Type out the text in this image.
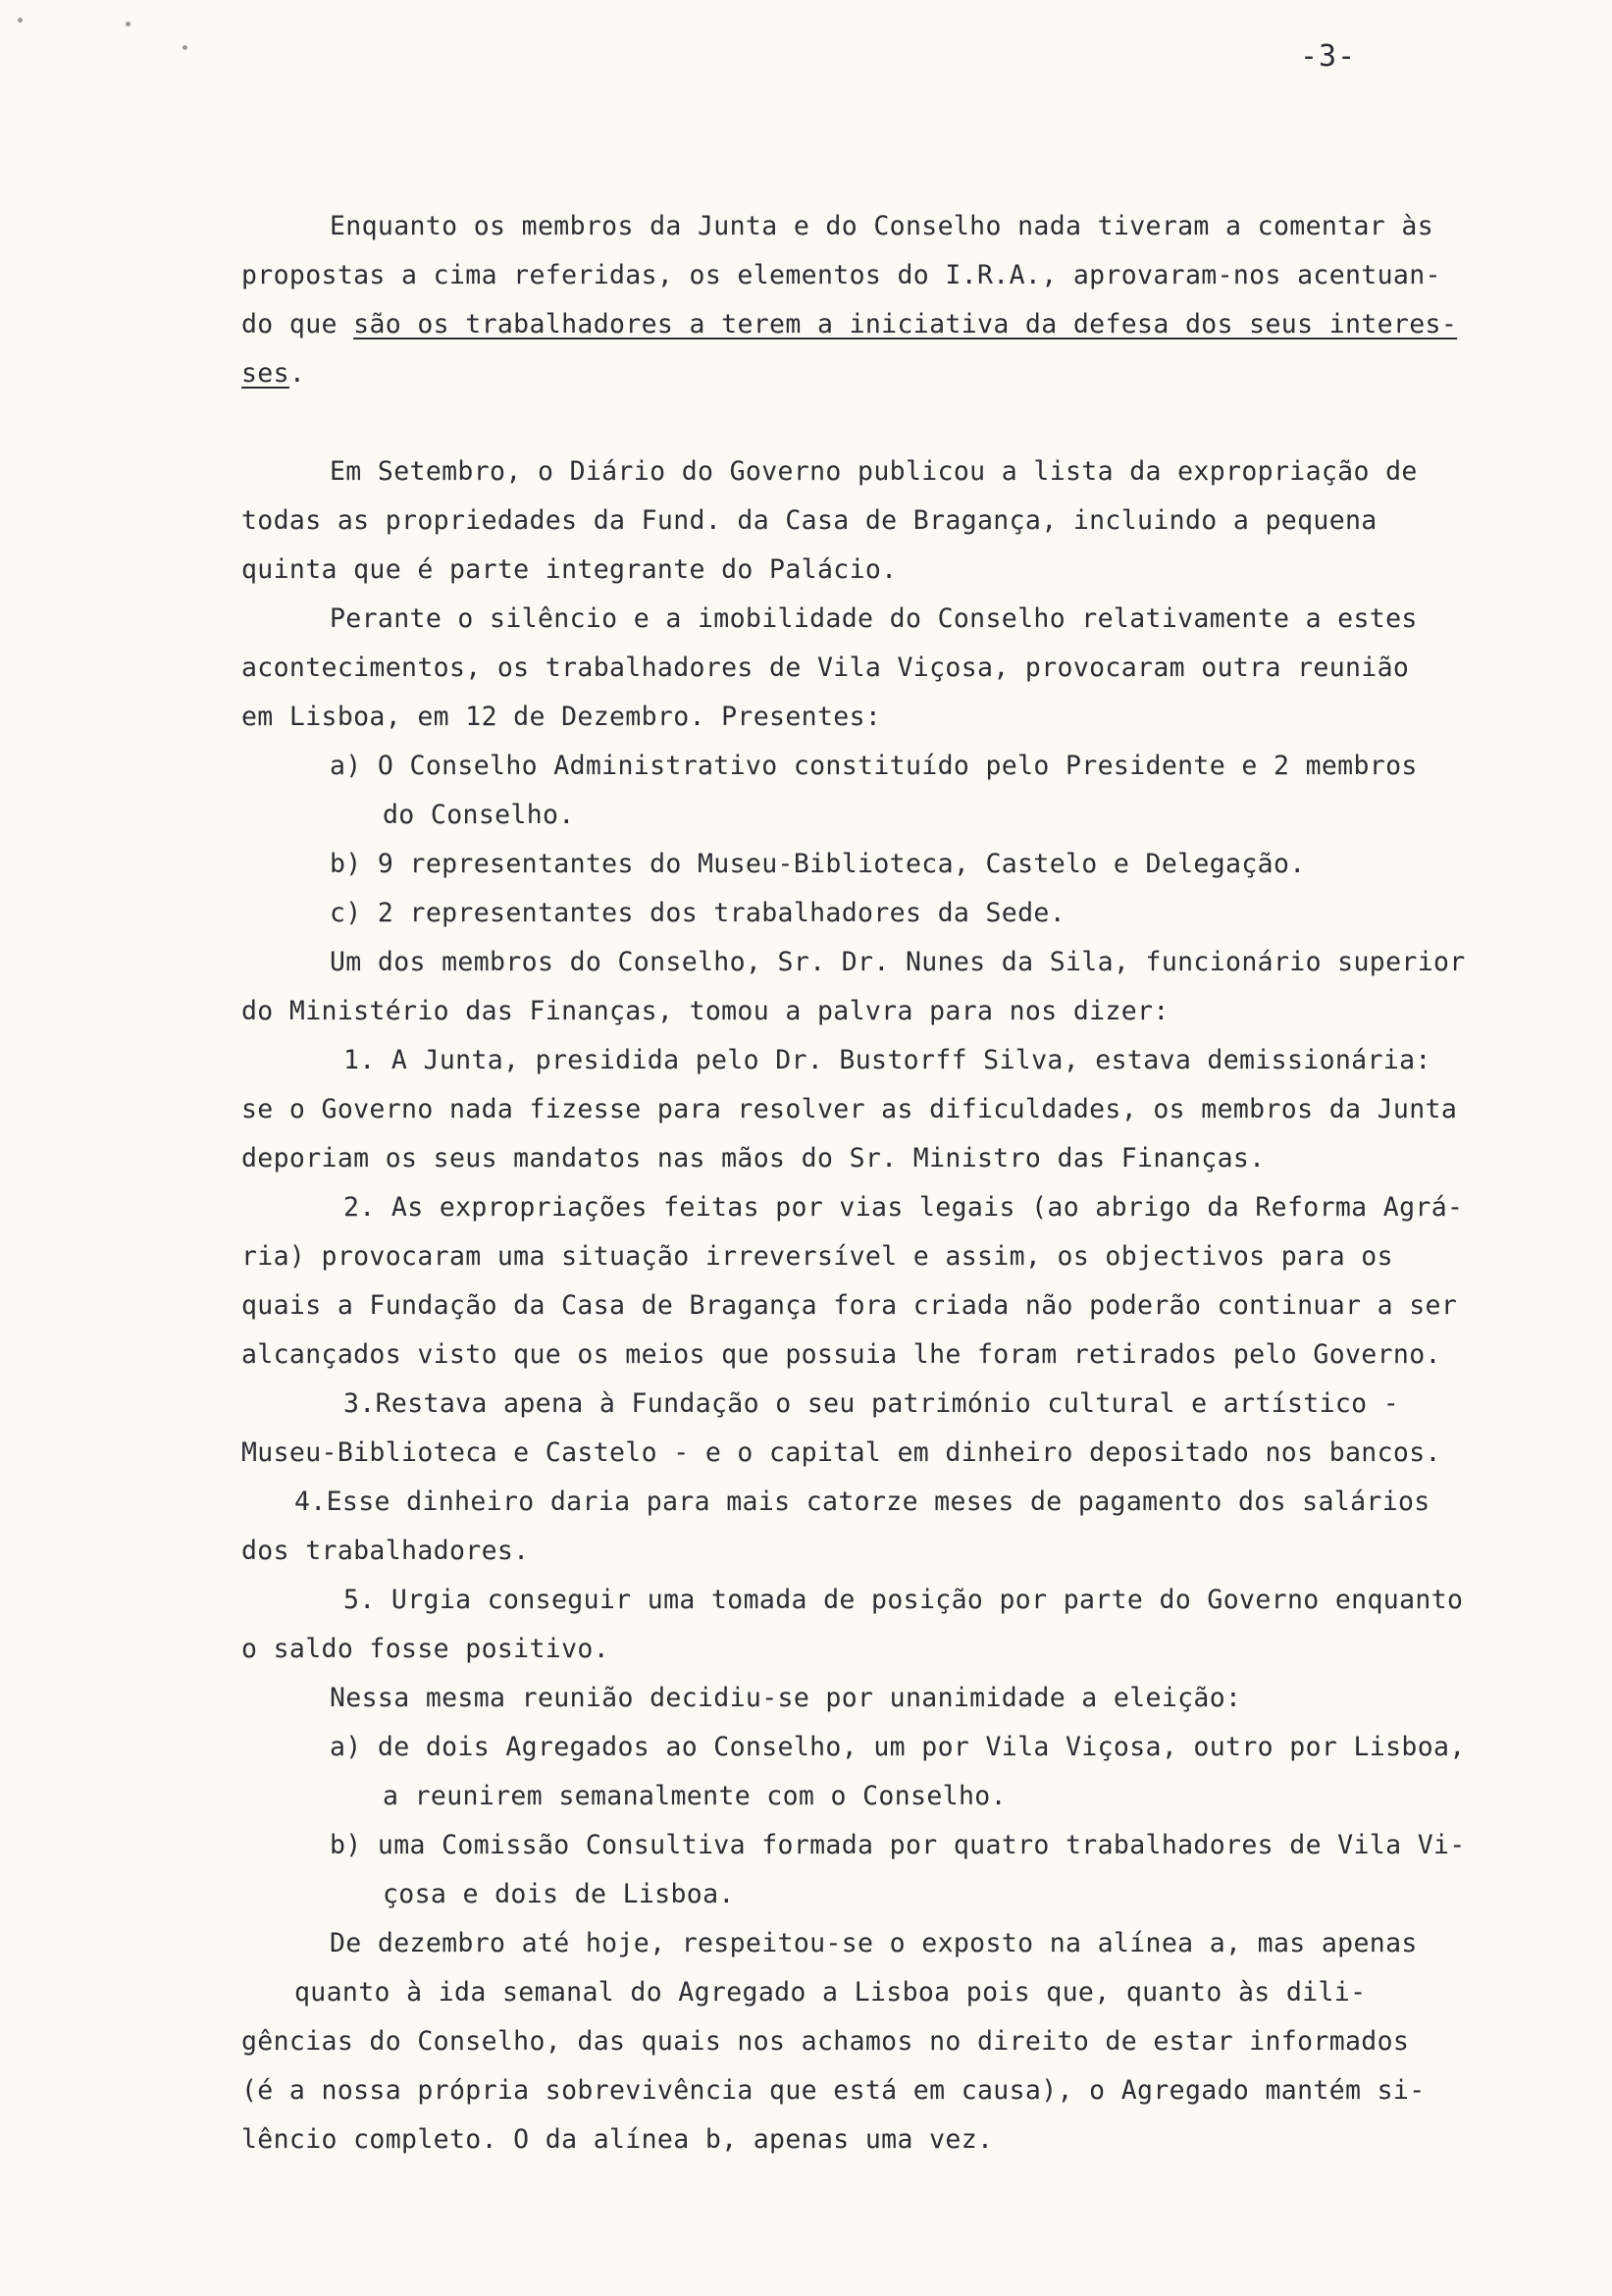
-3-
Enquanto os membros da Junta e do Conselho nada tiveram a comentar às
propostas a cima referidas, os elementos do I.R.A., aprovaram-nos acentuan-
do que são os trabalhadores a terem a iniciativa da defesa dos seus interes-
ses.
Em Setembro, o Diário do Governo publicou a lista da expropriação de
todas as propriedades da Fund. da Casa de Bragança, incluindo a pequena
quinta que é parte integrante do Palácio.
Perante o silêncio e a imobilidade do Conselho relativamente a estes
acontecimentos, os trabalhadores de Vila Viçosa, provocaram outra reunião
em Lisboa, em 12 de Dezembro. Presentes:
a) O Conselho Administrativo constituído pelo Presidente e 2 membros
do Conselho.
b) 9 representantes do Museu-Biblioteca, Castelo e Delegação.
c) 2 representantes dos trabalhadores da Sede.
Um dos membros do Conselho, Sr. Dr. Nunes da Sila, funcionário superior
do Ministério das Finanças, tomou a palvra para nos dizer:
1. A Junta, presidida pelo Dr. Bustorff Silva, estava demissionária:
se o Governo nada fizesse para resolver as dificuldades, os membros da Junta
deporiam os seus mandatos nas mãos do Sr. Ministro das Finanças.
2. As expropriações feitas por vias legais (ao abrigo da Reforma Agrá-
ria) provocaram uma situação irreversível e assim, os objectivos para os
quais a Fundação da Casa de Bragança fora criada não poderão continuar a ser
alcançados visto que os meios que possuia lhe foram retirados pelo Governo.
3.Restava apena à Fundação o seu património cultural e artístico -
Museu-Biblioteca e Castelo - e o capital em dinheiro depositado nos bancos.
4.Esse dinheiro daria para mais catorze meses de pagamento dos salários
dos trabalhadores.
5. Urgia conseguir uma tomada de posição por parte do Governo enquanto
o saldo fosse positivo.
Nessa mesma reunião decidiu-se por unanimidade a eleição:
a) de dois Agregados ao Conselho, um por Vila Viçosa, outro por Lisboa,
a reunirem semanalmente com o Conselho.
b) uma Comissão Consultiva formada por quatro trabalhadores de Vila Vi-
çosa e dois de Lisboa.
De dezembro até hoje, respeitou-se o exposto na alínea a, mas apenas
quanto à ida semanal do Agregado a Lisboa pois que, quanto às dili-
gências do Conselho, das quais nos achamos no direito de estar informados
(é a nossa própria sobrevivência que está em causa), o Agregado mantém si-
lêncio completo. O da alínea b, apenas uma vez.
